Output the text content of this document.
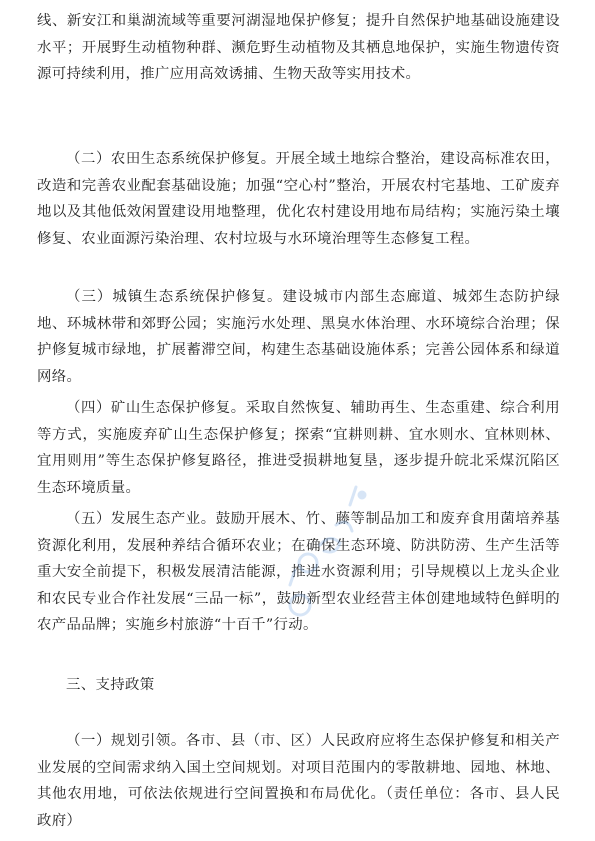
线、新安江和巢湖流域等重要河湖湿地保护修复；提升自然保护地基础设施建设水平；开展野生动植物种群、濒危野生动植物及其栖息地保护，实施生物遗传资源可持续利用，推广应用高效诱捕、生物天敌等实用技术。

（二）农田生态系统保护修复。开展全域土地综合整治，建设高标准农田，改造和完善农业配套基础设施；加强“空心村”整治，开展农村宅基地、工矿废弃地以及其他低效闲置建设用地整理，优化农村建设用地布局结构；实施污染土壤修复、农业面源污染治理、农村垃圾与水环境治理等生态修复工程。

（三）城镇生态系统保护修复。建设城市内部生态廊道、城郊生态防护绿地、环城林带和郊野公园；实施污水处理、黑臭水体治理、水环境综合治理；保护修复城市绿地，扩展蓄滞空间，构建生态基础设施体系；完善公园体系和绿道网络。

（四）矿山生态保护修复。采取自然恢复、辅助再生、生态重建、综合利用等方式，实施废弃矿山生态保护修复；探索“宜耕则耕、宜水则水、宜林则林、宜用则用”等生态保护修复路径，推进受损耕地复垦，逐步提升皖北采煤沉陷区生态环境质量。

（五）发展生态产业。鼓励开展木、竹、藤等制品加工和废弃食用菌培养基资源化利用，发展种养结合循环农业；在确保生态环境、防洪防涝、生产生活等重大安全前提下，积极发展清洁能源，推进水资源利用；引导规模以上龙头企业和农民专业合作社发展“三品一标”，鼓励新型农业经营主体创建地域特色鲜明的农产品品牌；实施乡村旅游“十百千”行动。

三、支持政策

（一）规划引领。各市、县（市、区）人民政府应将生态保护修复和相关产业发展的空间需求纳入国土空间规划。对项目范围内的零散耕地、园地、林地、其他农用地，可依法依规进行空间置换和布局优化。（责任单位：各市、县人民政府）
